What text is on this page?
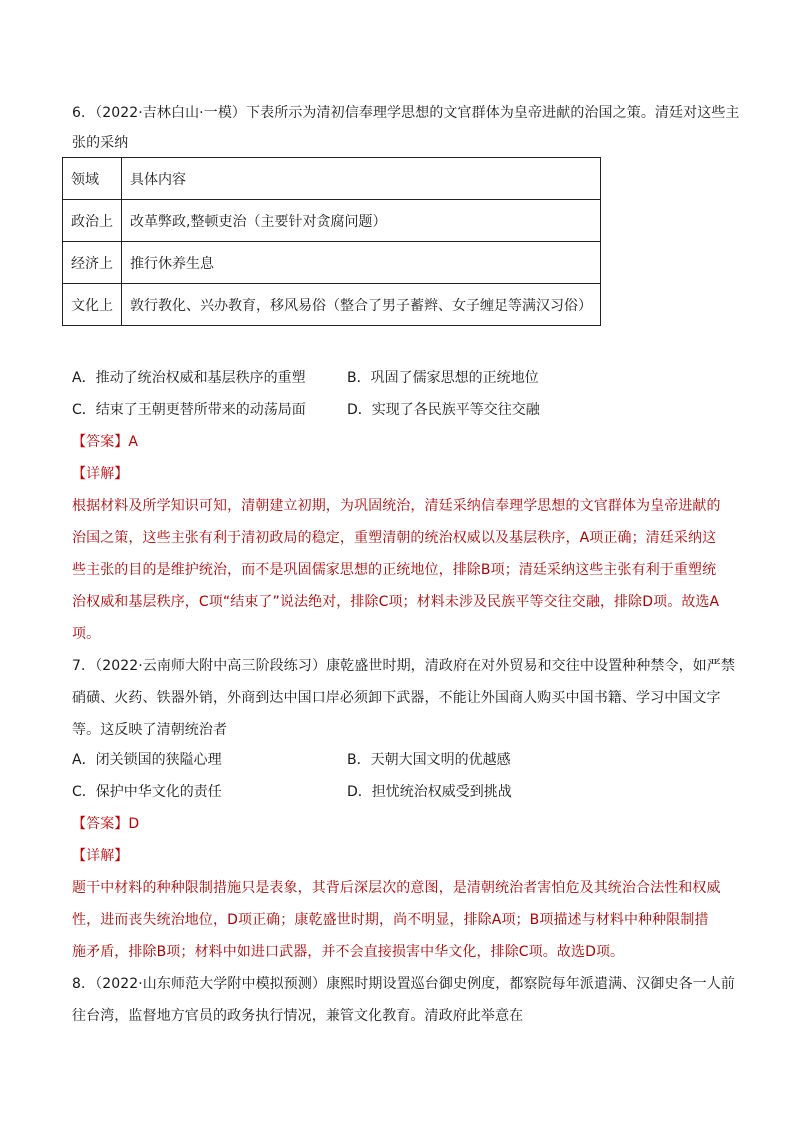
6．（2022·吉林白山·一模）下表所示为清初信奉理学思想的文官群体为皇帝进献的治国之策。清廷对这些主
张的采纳
领域	具体内容
政治上	改革弊政,整顿吏治（主要针对贪腐问题）
经济上	推行休养生息
文化上	敦行教化、兴办教育，移风易俗（整合了男子蓄辫、女子缠足等满汉习俗）
A．推动了统治权威和基层秩序的重塑	B．巩固了儒家思想的正统地位
C．结束了王朝更替所带来的动荡局面	D．实现了各民族平等交往交融
【答案】A
【详解】
根据材料及所学知识可知，清朝建立初期，为巩固统治，清廷采纳信奉理学思想的文官群体为皇帝进献的
治国之策，这些主张有利于清初政局的稳定，重塑清朝的统治权威以及基层秩序，A项正确；清廷采纳这
些主张的目的是维护统治，而不是巩固儒家思想的正统地位，排除B项；清廷采纳这些主张有利于重塑统
治权威和基层秩序，C项“结束了”说法绝对，排除C项；材料未涉及民族平等交往交融，排除D项。故选A
项。
7．（2022·云南师大附中高三阶段练习）康乾盛世时期，清政府在对外贸易和交往中设置种种禁令，如严禁
硝磺、火药、铁器外销，外商到达中国口岸必须卸下武器，不能让外国商人购买中国书籍、学习中国文字
等。这反映了清朝统治者
A．闭关锁国的狭隘心理	B．天朝大国文明的优越感
C．保护中华文化的责任	D．担忧统治权威受到挑战
【答案】D
【详解】
题干中材料的种种限制措施只是表象，其背后深层次的意图，是清朝统治者害怕危及其统治合法性和权威
性，进而丧失统治地位，D项正确；康乾盛世时期，尚不明显，排除A项；B项描述与材料中种种限制措
施矛盾，排除B项；材料中如进口武器，并不会直接损害中华文化，排除C项。故选D项。
8．（2022·山东师范大学附中模拟预测）康熙时期设置巡台御史例度，都察院每年派遣满、汉御史各一人前
往台湾，监督地方官员的政务执行情况，兼管文化教育。清政府此举意在
